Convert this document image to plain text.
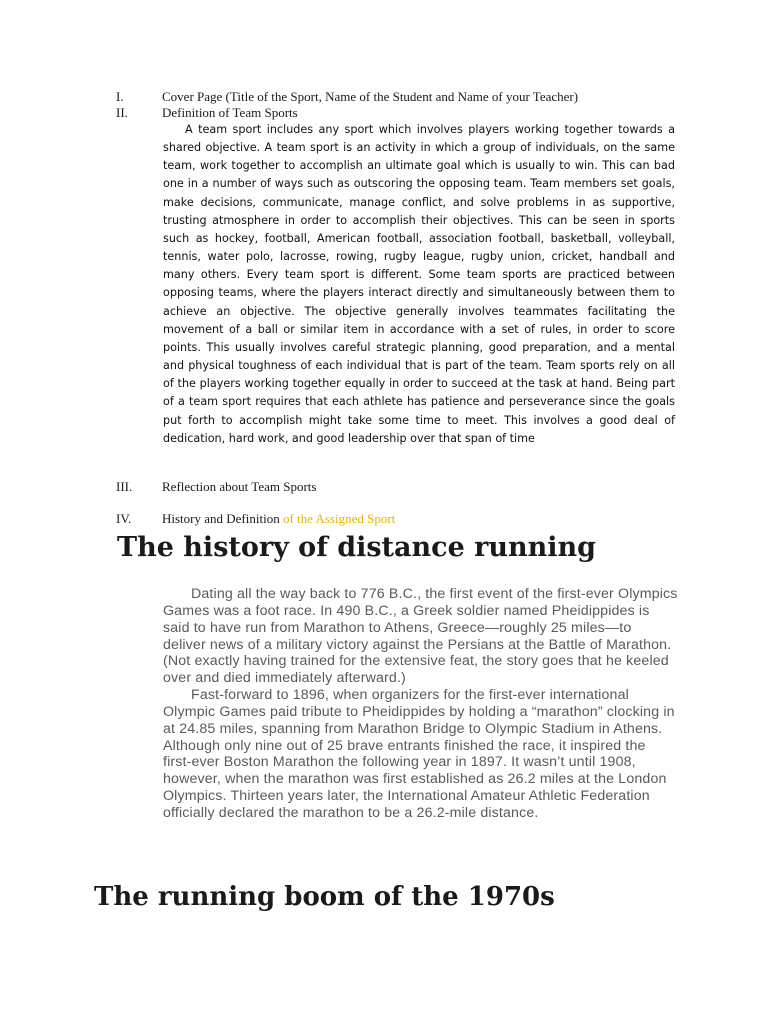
I.	Cover Page (Title of the Sport, Name of the Student and Name of your Teacher)
II.	Definition of Team Sports

A team sport includes any sport which involves players working together towards a shared objective. A team sport is an activity in which a group of individuals, on the same team, work together to accomplish an ultimate goal which is usually to win. This can bad one in a number of ways such as outscoring the opposing team. Team members set goals, make decisions, communicate, manage conflict, and solve problems in as supportive, trusting atmosphere in order to accomplish their objectives. This can be seen in sports such as hockey, football, American football, association football, basketball, volleyball, tennis, water polo, lacrosse, rowing, rugby league, rugby union, cricket, handball and many others. Every team sport is different. Some team sports are practiced between opposing teams, where the players interact directly and simultaneously between them to achieve an objective. The objective generally involves teammates facilitating the movement of a ball or similar item in accordance with a set of rules, in order to score points. This usually involves careful strategic planning, good preparation, and a mental and physical toughness of each individual that is part of the team. Team sports rely on all of the players working together equally in order to succeed at the task at hand. Being part of a team sport requires that each athlete has patience and perseverance since the goals put forth to accomplish might take some time to meet. This involves a good deal of dedication, hard work, and good leadership over that span of time

III. Reflection about Team Sports
IV. History and Definition of the Assigned Sport
The history of distance running

Dating all the way back to 776 B.C., the first event of the first-ever Olympics Games was a foot race. In 490 B.C., a Greek soldier named Pheidippides is said to have run from Marathon to Athens, Greece—roughly 25 miles—to deliver news of a military victory against the Persians at the Battle of Marathon. (Not exactly having trained for the extensive feat, the story goes that he keeled over and died immediately afterward.)

Fast-forward to 1896, when organizers for the first-ever international Olympic Games paid tribute to Pheidippides by holding a “marathon” clocking in at 24.85 miles, spanning from Marathon Bridge to Olympic Stadium in Athens. Although only nine out of 25 brave entrants finished the race, it inspired the first-ever Boston Marathon the following year in 1897. It wasn’t until 1908, however, when the marathon was first established as 26.2 miles at the London Olympics. Thirteen years later, the International Amateur Athletic Federation officially declared the marathon to be a 26.2-mile distance.

The running boom of the 1970s
